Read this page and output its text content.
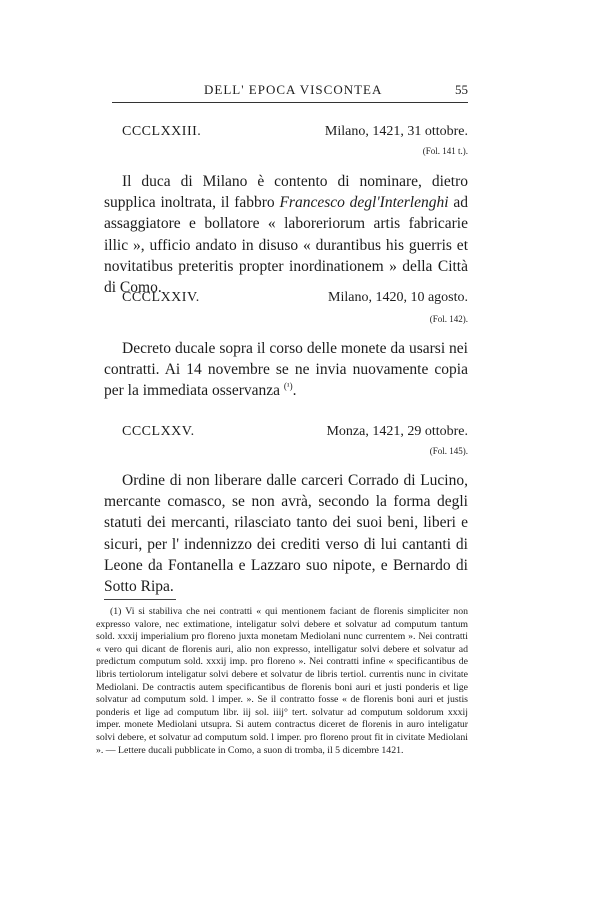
DELL' EPOCA VISCONTEA	55
CCCLXXIII.	Milano, 1421, 31 ottobre.
(Fol. 141 t.).

Il duca di Milano è contento di nominare, dietro supplica inoltrata, il fabbro Francesco degl'Interlenghi ad assaggiatore e bollatore « laboreriorum artis fabricarie illic », ufficio andato in disuso « durantibus his guerris et novitatibus preteritis propter inordinationem » della Città di Como.

CCCLXXIV.	Milano, 1420, 10 agosto.
(Fol. 142).

Decreto ducale sopra il corso delle monete da usarsi nei contratti. Ai 14 novembre se ne invia nuovamente copia per la immediata osservanza $^{(^1)}$.

CCCLXXV.	Monza, 1421, 29 ottobre.
(Fol. 145).

Ordine di non liberare dalle carceri Corrado di Lucino, mercante comasco, se non avrà, secondo la forma degli statuti dei mercanti, rilasciato tanto dei suoi beni, liberi e sicuri, per l' indennizzo dei crediti verso di lui cantanti di Leone da Fontanella e Lazzaro suo nipote, e Bernardo di Sotto Ripa.

(1) Vi si stabiliva che nei contratti « qui mentionem faciant de florenis simpliciter non expresso valore, nec extimatione, inteligatur solvi debere et solvatur ad computum tantum sold. xxxij imperialium pro floreno juxta monetam Mediolani nunc currentem ». Nei contratti « vero qui dicant de florenis auri, alio non expresso, intelligatur solvi debere et solvatur ad predictum computum sold. xxxij imp. pro floreno ». Nei contratti infine « specificantibus de libris tertiolorum inteligatur solvi debere et solvatur de libris tertiol. currentis nunc in civitate Mediolani. De contractis autem specificantibus de florenis boni auri et justi ponderis et lige solvatur ad computum sold. l imper. ». Se il contratto fosse « de florenis boni auri et justis ponderis et lige ad computum libr. iij sol. iiij° tert. solvatur ad computum soldorum xxxij imper. monete Mediolani utsupra. Si autem contractus diceret de florenis in auro inteligatur solvi debere, et solvatur ad computum sold. l imper. pro floreno prout fit in civitate Mediolani ». — Lettere ducali pubblicate in Como, a suon di tromba, il 5 dicembre 1421.
